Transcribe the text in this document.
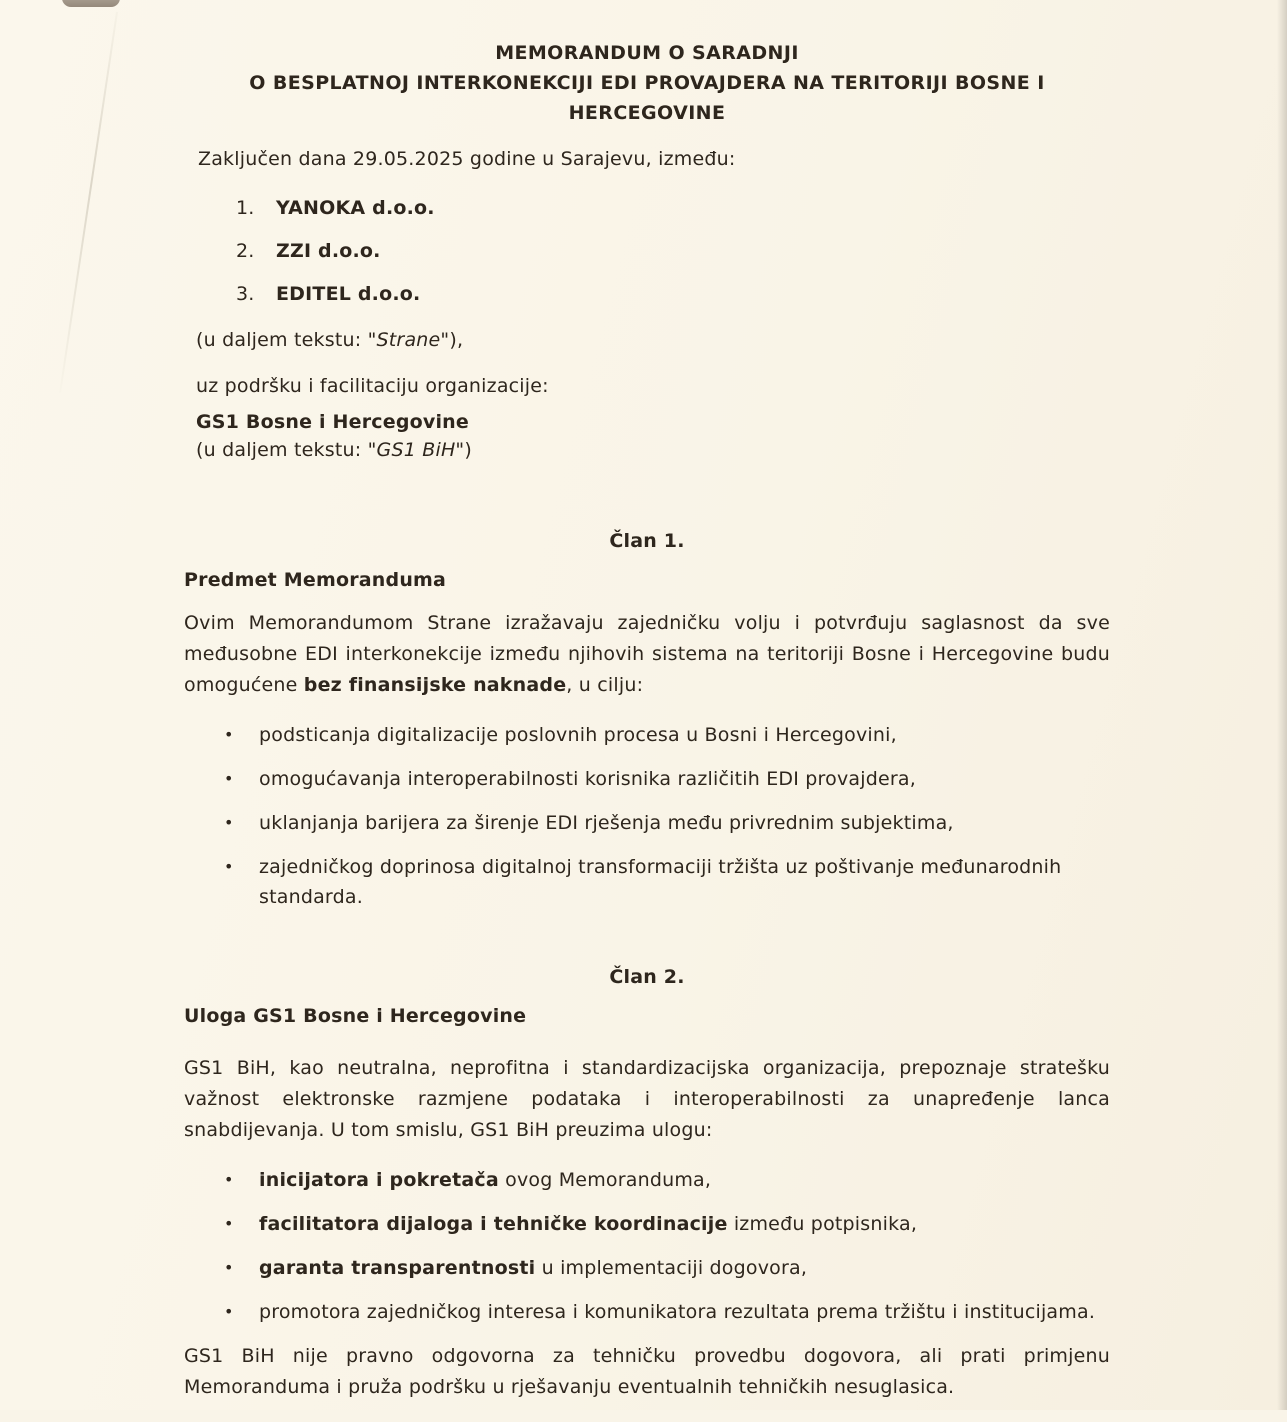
MEMORANDUM O SARADNJI
O BESPLATNOJ INTERKONEKCIJI EDI PROVAJDERA NA TERITORIJI BOSNE I
HERCEGOVINE

Zaključen dana 29.05.2025 godine u Sarajevu, između:

1.	YANOKA d.o.o.
2.	ZZI d.o.o.
3.	EDITEL d.o.o.

(u daljem tekstu: "Strane"),

uz podršku i facilitaciju organizacije:

GS1 Bosne i Hercegovine
(u daljem tekstu: "GS1 BiH")
Član 1.
Predmet Memoranduma

Ovim Memorandumom Strane izražavaju zajedničku volju i potvrđuju saglasnost da sve međusobne EDI interkonekcije između njihovih sistema na teritoriji Bosne i Hercegovine budu omogućene bez finansijske naknade, u cilju:

•
podsticanja digitalizacije poslovnih procesa u Bosni i Hercegovini,
•
omogućavanja interoperabilnosti korisnika različitih EDI provajdera,
•
uklanjanja barijera za širenje EDI rješenja među privrednim subjektima,
•
zajedničkog doprinosa digitalnoj transformaciji tržišta uz poštivanje međunarodnih standarda.
Član 2.
Uloga GS1 Bosne i Hercegovine

GS1 BiH, kao neutralna, neprofitna i standardizacijska organizacija, prepoznaje stratešku važnost elektronske razmjene podataka i interoperabilnosti za unapređenje lanca snabdijevanja. U tom smislu, GS1 BiH preuzima ulogu:

•
inicijatora i pokretača ovog Memoranduma,
•
facilitatora dijaloga i tehničke koordinacije između potpisnika,
•
garanta transparentnosti u implementaciji dogovora,
•
promotora zajedničkog interesa i komunikatora rezultata prema tržištu i institucijama.

GS1 BiH nije pravno odgovorna za tehničku provedbu dogovora, ali prati primjenu Memoranduma i pruža podršku u rješavanju eventualnih tehničkih nesuglasica.
